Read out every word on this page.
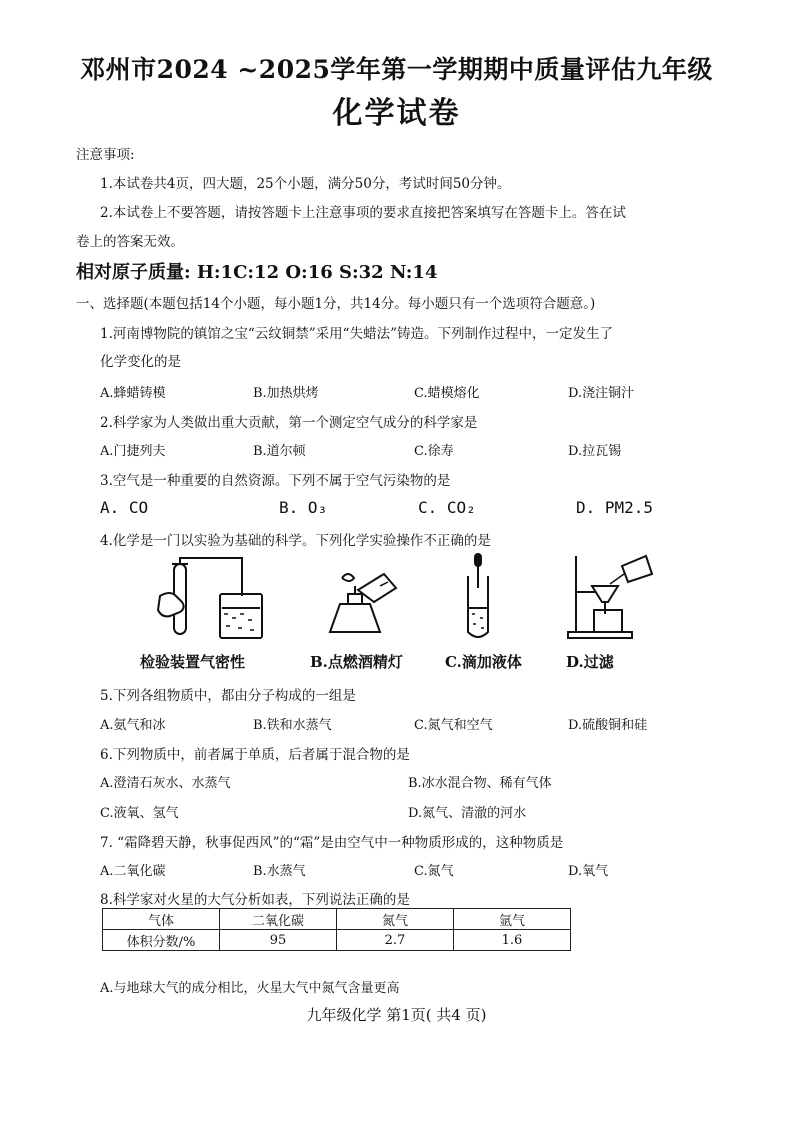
邓州市2024 ~2025学年第一学期期中质量评估九年级
化学试卷
注意事项:
1.本试卷共4页，四大题，25个小题，满分50分，考试时间50分钟。
2.本试卷上不要答题，请按答题卡上注意事项的要求直接把答案填写在答题卡上。答在试
卷上的答案无效。
相对原子质量: H:1C:12 O:16 S:32 N:14
一、选择题(本题包括14个小题，每小题1分，共14分。每小题只有一个选项符合题意。)
1.河南博物院的镇馆之宝“云纹铜禁”采用“失蜡法”铸造。下列制作过程中，一定发生了
化学变化的是
A.蜂蜡铸模	B.加热烘烤	C.蜡模熔化	D.浇注铜汁
2.科学家为人类做出重大贡献，第一个测定空气成分的科学家是
A.门捷列夫	B.道尔顿	C.徐寿	D.拉瓦锡
3.空气是一种重要的自然资源。下列不属于空气污染物的是
A. CO	B. O₃	C. CO₂	D. PM2.5
4.化学是一门以实验为基础的科学。下列化学实验操作不正确的是
检验装置气密性	B.点燃酒精灯	C.滴加液体	D.过滤
5.下列各组物质中，都由分子构成的一组是
A.氨气和冰	B.铁和水蒸气	C.氮气和空气	D.硫酸铜和硅
6.下列物质中，前者属于单质，后者属于混合物的是
A.澄清石灰水、水蒸气	B.冰水混合物、稀有气体
C.液氧、氢气	D.氮气、清澈的河水
7. “霜降碧天静，秋事促西风”的“霜”是由空气中一种物质形成的，这种物质是
A.二氧化碳	B.水蒸气	C.氮气	D.氧气
8.科学家对火星的大气分析如表，下列说法正确的是
气体	二氧化碳	氮气	氩气
体积分数/%	95	2.7	1.6
A.与地球大气的成分相比，火星大气中氮气含量更高
九年级化学 第1页( 共4 页)
